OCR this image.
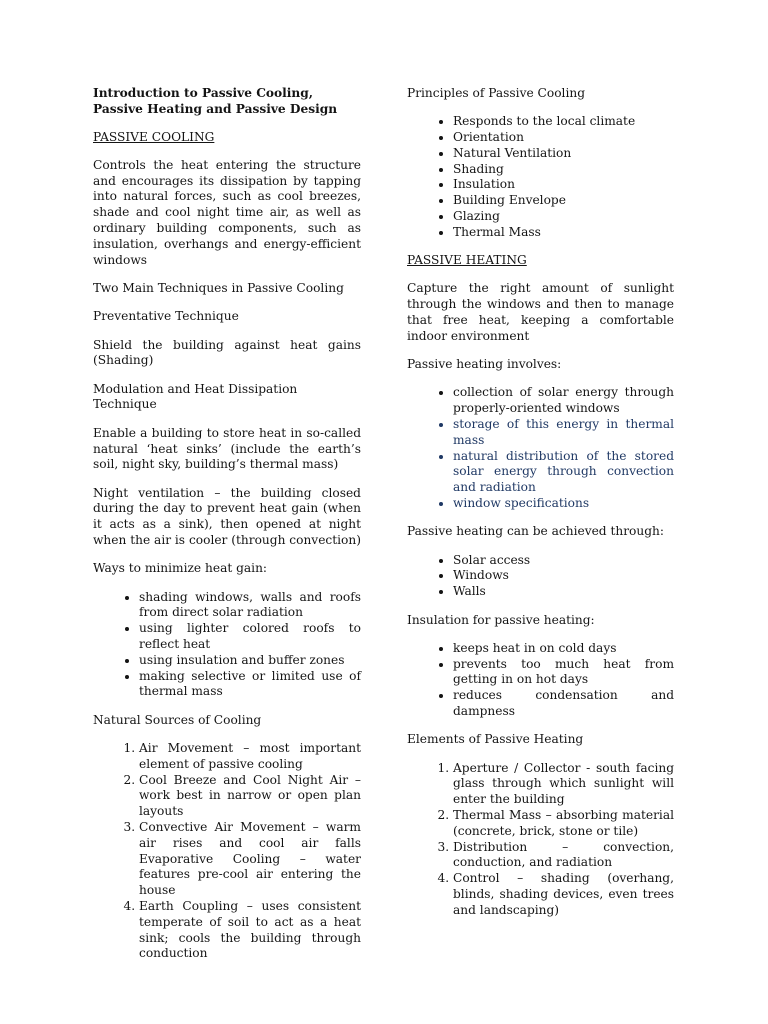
Introduction to Passive Cooling, Passive Heating and Passive Design

PASSIVE COOLING

Controls the heat entering the structure and encourages its dissipation by tapping into natural forces, such as cool breezes, shade and cool night time air, as well as ordinary building components, such as insulation, overhangs and energy-efficient windows

Two Main Techniques in Passive Cooling

Preventative Technique

Shield the building against heat gains (Shading)

Modulation and Heat Dissipation Technique

Enable a building to store heat in so-called natural ‘heat sinks’ (include the earth’s soil, night sky, building’s thermal mass)

Night ventilation – the building closed during the day to prevent heat gain (when it acts as a sink), then opened at night when the air is cooler (through convection)

Ways to minimize heat gain:

• shading windows, walls and roofs from direct solar radiation
• using lighter colored roofs to reflect heat
• using insulation and buffer zones
• making selective or limited use of thermal mass

Natural Sources of Cooling

1. Air Movement – most important element of passive cooling
2. Cool Breeze and Cool Night Air – work best in narrow or open plan layouts
3. Convective Air Movement – warm air rises and cool air falls Evaporative Cooling – water features pre-cool air entering the house
4. Earth Coupling – uses consistent temperate of soil to act as a heat sink; cools the building through conduction

Principles of Passive Cooling

• Responds to the local climate
• Orientation
• Natural Ventilation
• Shading
• Insulation
• Building Envelope
• Glazing
• Thermal Mass

PASSIVE HEATING

Capture the right amount of sunlight through the windows and then to manage that free heat, keeping a comfortable indoor environment

Passive heating involves:

• collection of solar energy through properly-oriented windows
• storage of this energy in thermal mass
• natural distribution of the stored solar energy through convection and radiation
• window specifications

Passive heating can be achieved through:

• Solar access
• Windows
• Walls

Insulation for passive heating:

• keeps heat in on cold days
• prevents too much heat from getting in on hot days
• reduces condensation and dampness

Elements of Passive Heating

1. Aperture / Collector - south facing glass through which sunlight will enter the building
2. Thermal Mass – absorbing material (concrete, brick, stone or tile)
3. Distribution – convection, conduction, and radiation
4. Control – shading (overhang, blinds, shading devices, even trees and landscaping)
